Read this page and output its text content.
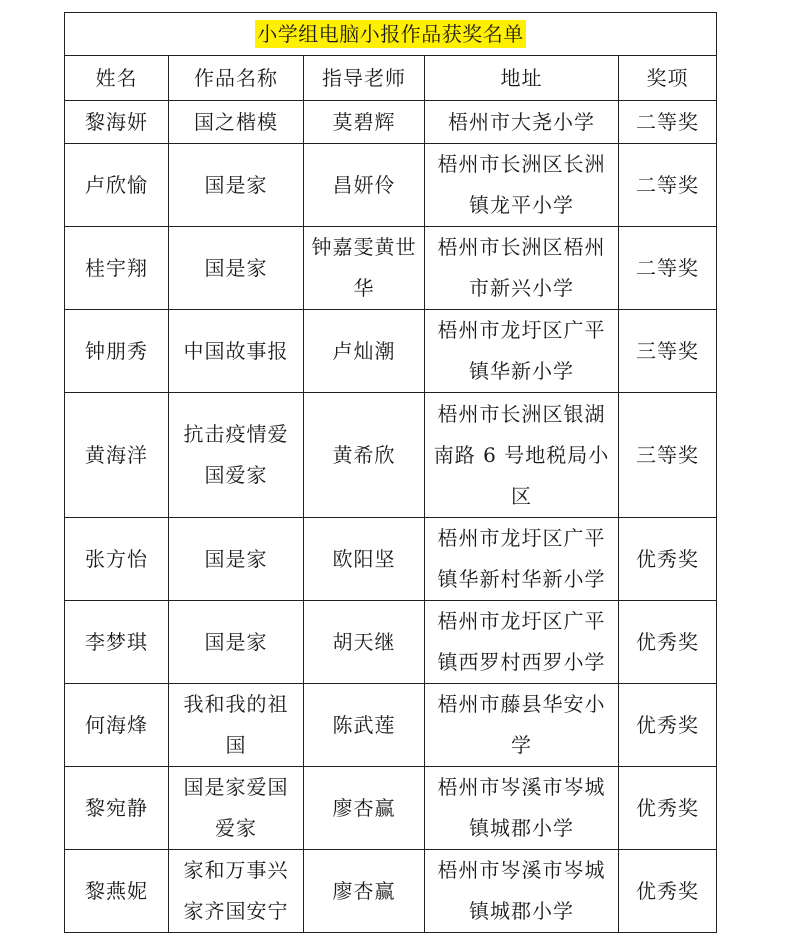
小学组电脑小报作品获奖名单				
姓名	作品名称	指导老师	地址	奖项

黎海妍	国之楷模	莫碧辉	梧州市大尧小学	二等奖

卢欣愉	国是家	昌妍伶	梧州市长洲区长洲镇龙平小学	二等奖

桂宇翔	国是家	钟嘉雯黄世华	梧州市长洲区梧州市新兴小学	二等奖

钟朋秀	中国故事报	卢灿潮	梧州市龙圩区广平镇华新小学	三等奖

黄海洋	抗击疫情爱国爱家	黄希欣	梧州市长洲区银湖南路 6 号地税局小区	三等奖

张方怡	国是家	欧阳坚	梧州市龙圩区广平镇华新村华新小学	优秀奖

李梦琪	国是家	胡天继	梧州市龙圩区广平镇西罗村西罗小学	优秀奖

何海烽	我和我的祖国	陈武莲	梧州市藤县华安小学	优秀奖

黎宛静	国是家爱国爱家	廖杏赢	梧州市岑溪市岑城镇城郡小学	优秀奖

黎燕妮	家和万事兴家齐国安宁	廖杏赢	梧州市岑溪市岑城镇城郡小学	优秀奖
